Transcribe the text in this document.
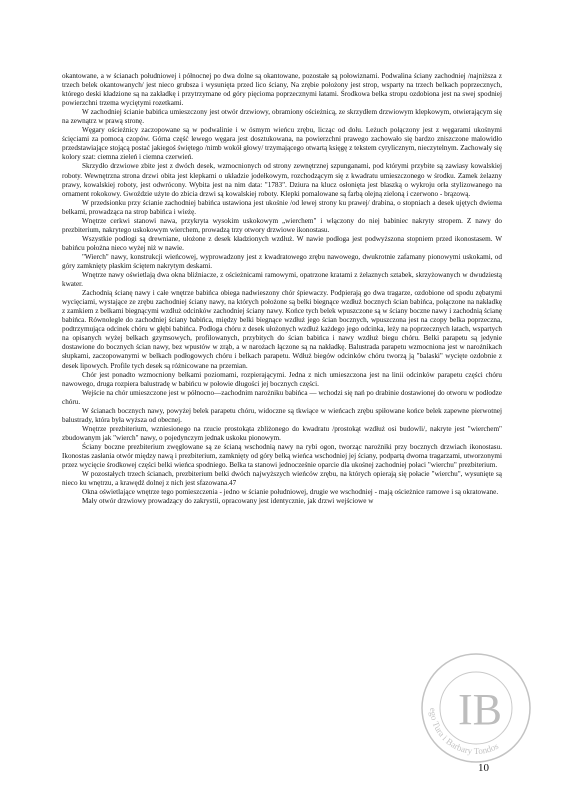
okantowane, a w ścianach południowej i północnej po dwa dolne są okantowane, pozostałe są połowiznami. Podwalina ściany zachodniej /najniższa z trzech belek okantowanych/ jest nieco grubsza i wysunięta przed lico ściany, Na zrębie położony jest strop, wsparty na trzech belkach poprzecznych, którego deski kładzione są na zakładkę i przytrzymane od góry pięcioma poprzecznymi łatami. Środkowa belka stropu ozdobiona jest na swej spodniej powierzchni trzema wyciętymi rozetkami.

W zachodniej ścianie babińca umieszczony jest otwór drzwiowy, obramiony ościeżnicą, ze skrzydłem drzwiowym klepkowym, otwierającym się na zewnątrz w prawą stronę.

Węgary ościeżnicy zaczopowane są w podwalinie i w ósmym wieńcu zrębu, licząc od dołu. Leżuch połączony jest z węgarami ukośnymi ścięciami za pomocą czopów. Górna część lewego węgara jest dosztukowana, na powierzchni prawego zachowało się bardzo zniszczone malowidło przedstawiające stojącą postać jakiegoś świętego /nimb wokół głowy/ trzymającego otwartą księgę z tekstem cyrylicznym, nieczytelnym. Zachowały się kolory szat: ciemna zieleń i ciemna czerwień.

Skrzydło drzwiowe zbite jest z dwóch desek, wzmocnionych od strony zewnętrznej szpunganami, pod którymi przybite są zawiasy kowalskiej roboty. Wewnętrzna strona drzwi obita jest klepkami o układzie jodełkowym, rozchodzącym się z kwadratu umieszczonego w środku. Zamek żelazny prawy, kowalskiej roboty, jest odwrócony. Wybita jest na nim data: "1783". Dziura na klucz osłonięta jest blaszką o wykroju orła stylizowanego na ornament rokokowy. Gwoździe użyte do zbicia drzwi są kowalskiej roboty. Klepki pomalowane są farbą olejną zieloną i czerwono - brązową.

W przedsionku przy ścianie zachodniej babińca ustawiona jest ukośnie /od lewej strony ku prawej/ drabina, o stopniach a desek ujętych dwiema belkami, prowadząca na strop babińca i wieżę.

Wnętrze cerkwi stanowi nawa, przykryta wysokim uskokowym „wierchem" i włączony do niej babiniec nakryty stropem. Z nawy do prezbiterium, nakrytego uskokowym wierchem, prowadzą trzy otwory drzwiowe ikonostasu.

Wszystkie podłogi są drewniane, ułożone z desek kładzionych wzdłuż. W nawie podłoga jest podwyższona stopniem przed ikonostasem. W babińcu położna nieco wyżej niż w nawie.

"Wierch" nawy, konstrukcji wieńcowej, wyprowadzony jest z kwadratowego zrębu nawowego, dwukrotnie zafamany pionowymi uskokami, od góry zamknięty płaskim ściętem nakrytym deskami.

Wnętrze nawy oświetlają dwa okna bliźniacze, z ościeżnicami ramowymi, opatrzone kratami z żelaznych sztabek, skrzyżowanych w dwudziestą kwater.

Zachodnią ścianę nawy i całe wnętrze babińca obiega nadwieszony chór śpiewaczy. Podpierają go dwa tragarze, ozdobione od spodu zębatymi wycięciami, wystające ze zrębu zachodniej ściany nawy, na których położone są belki biegnące wzdłuż bocznych ścian babińca, połączone na nakładkę z zamkiem z belkami biegnącymi wzdłuż odcinków zachodniej ściany nawy. Końce tych belek wpuszczone są w ściany boczne nawy i zachodnią ścianę babińca. Równolegle do zachodniej ściany babińca, między belki biegnące wzdłuż jego ścian bocznych, wpuszczona jest na czopy belka poprzeczna, podtrzymująca odcinek chóru w głębi babińca. Podłoga chóru z desek ułożonych wzdłuż każdego jego odcinka, leży na poprzecznych łatach, wspartych na opisanych wyżej belkach gzymsowych, profilowanych, przybitych do ścian babińca i nawy wzdłuż biegu chóru. Belki parapetu są jedynie dostawione do bocznych ścian nawy, bez wpustów w zrąb, a w narożach łączone są na nakładkę. Balustrada parapetu wzmocniona jest w narożnikach słupkami, zaczopowanymi w belkach podłogowych chóru i belkach parapetu. Wdłuż biegów odcinków chóru tworzą ją "balaski" wycięte ozdobnie z desek lipowych. Profile tych desek są różnicowane na przemian.

Chór jest ponadto wzmocniony belkami poziomami, rozpierającymi. Jedna z nich umieszczona jest na linii odcinków parapetu części chóru nawowego, druga rozpiera balustradę w babińcu w połowie długości jej bocznych części.

Wejście na chór umieszczone jest w północno—zachodnim narożniku babińca — wchodzi się nań po drabinie dostawionej do otworu w podłodze chóru.

W ścianach bocznych nawy, powyżej belek parapetu chóru, widoczne są tkwiące w wieńcach zrębu spiłowane końce belek zapewne pierwotnej balustrady, która była wyższa od obecnej.

Wnętrze prezbiterium, wzniesionego na rzucie prostokąta zbliżonego do kwadratu /prostokąt wzdłuż osi budowli/, nakryte jest "wierchem" zbudowanym jak "wierch" nawy, o pojedynczym jednak uskoku pionowym.

Ściany boczne prezbiterium zwęglowane są ze ścianą wschodnią nawy na rybi ogon, tworząc narożniki przy bocznych drzwiach ikonostasu. Ikonostas zasłania otwór między nawą i prezbiterium, zamknięty od góry belką wieńca wschodniej jej ściany, podpartą dwoma tragarzami, utworzonymi przez wycięcie środkowej części belki wieńca spodniego. Belka ta stanowi jednocześnie oparcie dla ukośnej zachodniej połaci "wierchu" prezbiterium.

W pozostałych trzech ścianach, prezbiterium belki dwóch najwyższych wieńców zrębu, na których opierają się połacie "wierchu", wysunięte są nieco ku wnętrzu, a krawędź dolnej z nich jest sfazowana.47

Okna oświetlające wnętrze tego pomieszczenia - jedno w ścianie południowej, drugie we wschodniej - mają ościeżnice ramowe i są okratowane.

Mały otwór drzwiowy prowadzący do zakrystii, opracowany jest identycznie, jak drzwi wejściowe w

IB
ego Tura i Barbary Tondos
10
